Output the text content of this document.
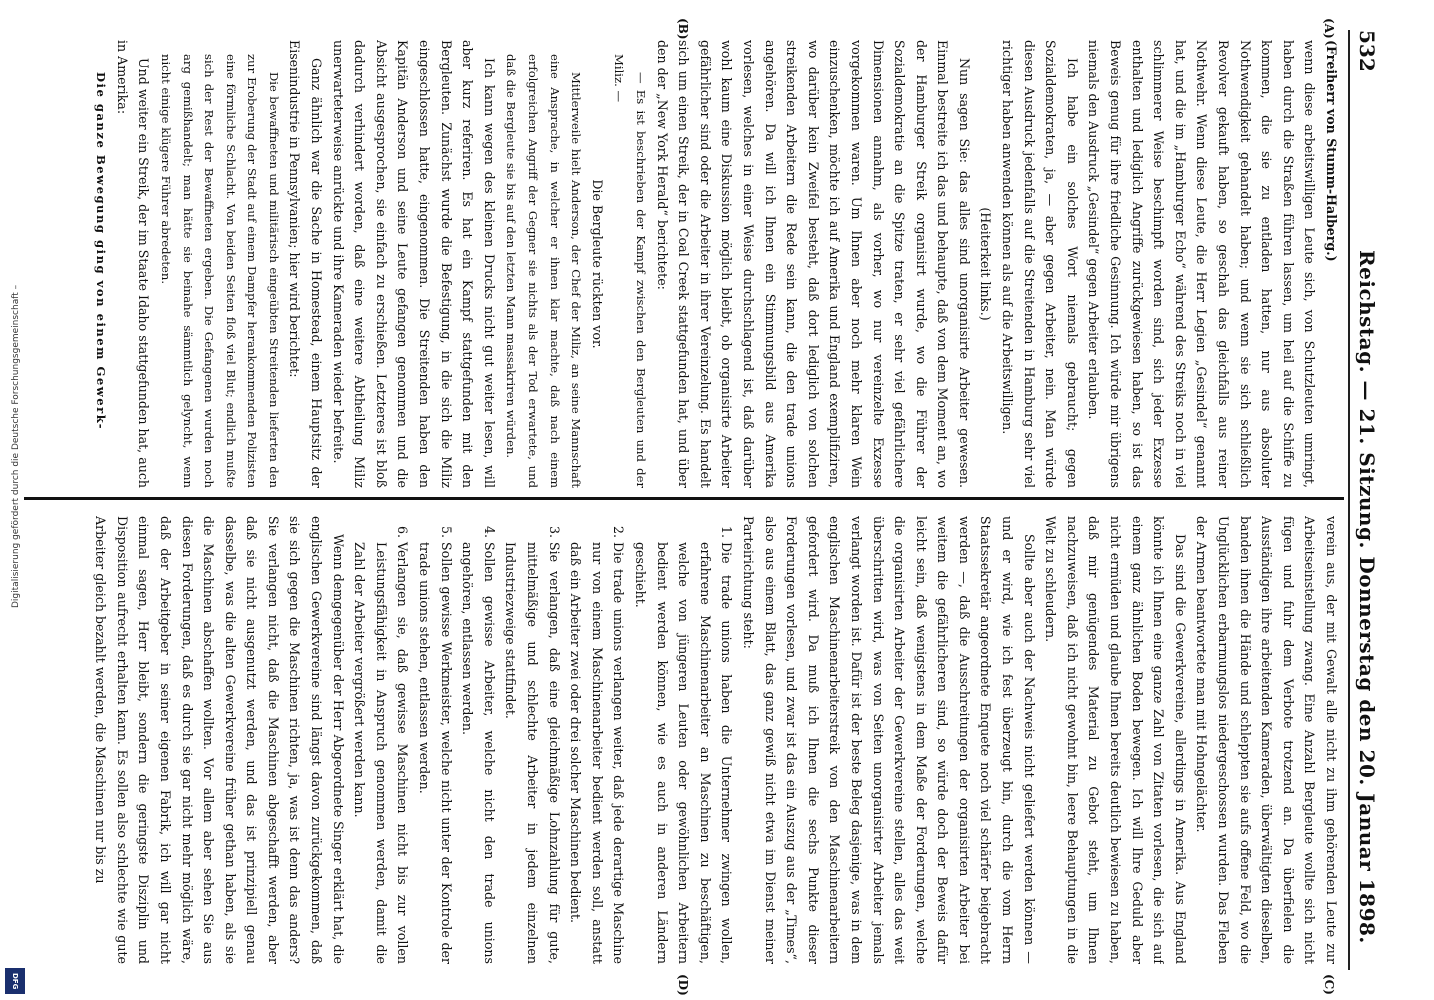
532
Reichstag. — 21. Sitzung. Donnerstag den 20. Januar 1898.
(A)
(B)
(C)
(D)

(Freiherr von Stumm-Halberg.)

wenn diese arbeitswilligen Leute sich, von Schutzleuten umringt, haben durch die Straßen führen lassen, um heil auf die Schiffe zu kommen, die sie zu entladen hatten, nur aus absoluter Nothwendigkeit gehandelt haben; und wenn sie sich schließlich Revolver gekauft haben, so geschah das gleichfalls aus reiner Nothwehr. Wenn diese Leute, die Herr Legien „Gesindel“ genannt hat, und die im „Hamburger Echo“ während des Streiks noch in viel schlimmerer Weise beschimpft worden sind, sich jeder Exzesse enthalten und lediglich Angriffe zurückgewiesen haben, so ist das Beweis genug für ihre friedliche Gesinnung. Ich würde mir übrigens niemals den Ausdruck „Gesindel“ gegen Arbeiter erlauben.

Ich habe ein solches Wort niemals gebraucht; gegen Sozialdemokraten, ja, — aber gegen Arbeiter, nein. Man würde diesen Ausdruck jedenfalls auf die Streitenden in Hamburg sehr viel richtiger haben anwenden können als auf die Arbeitswilligen.

(Heiterkeit links.)

Nun sagen Sie: das alles sind unorganisirte Arbeiter gewesen. Einmal bestreite ich das und behaupte, daß von dem Moment an, wo der Hamburger Streik organisirt wurde, wo die Führer der Sozialdemokratie an die Spitze traten, er sehr viel gefährlichere Dimensionen annahm, als vorher, wo nur vereinzelte Exzesse vorgekommen waren. Um Ihnen aber noch mehr klaren Wein einzuschenken, möchte ich auf Amerika und England exemplifiziren, wo darüber kein Zweifel besteht, daß dort lediglich von solchen streikenden Arbeitern die Rede sein kann, die den trade unions angehören. Da will ich Ihnen ein Stimmungsbild aus Amerika vorlesen, welches in einer Weise durchschlagend ist, daß darüber wohl kaum eine Diskussion möglich bleibt, ob organisirte Arbeiter gefährlicher sind oder die Arbeiter in ihrer Vereinzelung. Es handelt sich um einen Streik, der in Coal Creek stattgefunden hat, und über den der „New York Herald“ berichtete:

— Es ist beschrieben der Kampf zwischen den Bergleuten und der Miliz. —

Die Bergleute rückten vor.

Mittlerweile hielt Anderson, der Chef der Miliz, an seine Mannschaft eine Ansprache, in welcher er ihnen klar machte, daß nach einem erfolgreichen Angriff der Gegner sie nichts als der Tod erwartete, und daß die Bergleute sie bis auf den letzten Mann massakriren würden.

Ich kann wegen des kleinen Drucks nicht gut weiter lesen, will aber kurz referiren. Es hat ein Kampf stattgefunden mit den Bergleuten. Zunächst wurde die Befestigung, in die sich die Miliz eingeschlossen hatte, eingenommen. Die Streitenden haben den Kapitän Anderson und seine Leute gefangen genommen und die Absicht ausgesprochen, sie einfach zu erschießen. Letzteres ist bloß dadurch verhindert worden, daß eine weitere Abtheilung Miliz unerwarteterweise anrückte und ihre Kameraden wieder befreite.

Ganz ähnlich war die Sache in Homestead, einem Hauptsitz der Eisenindustrie in Pennsylvanien; hier wird berichtet:

Die bewaffneten und militärisch eingeübten Streitenden lieferten den zur Eroberung der Stadt auf einem Dampfer herankommenden Polizisten eine förmliche Schlacht. Von beiden Seiten floß viel Blut; endlich mußte sich der Rest der Bewaffneten ergeben. Die Gefangenen wurden noch arg gemißhandelt; man hätte sie beinahe sämmtlich gelyncht, wenn nicht einige klügere Führer abredeten.

Und weiter ein Streik, der im Staate Idaho stattgefunden hat, auch in Amerika:

Die ganze Bewegung ging von einem Gewerk-

verein aus, der mit Gewalt alle nicht zu ihm gehörenden Leute zur Arbeitseinstellung zwang. Eine Anzahl Bergleute wollte sich nicht fügen und fuhr dem Verbote trotzend an. Da überfielen die Ausständigen ihre arbeitenden Kameraden, überwältigten dieselben, banden ihnen die Hände und schleppten sie aufs offene Feld, wo die Unglücklichen erbarmungslos niedergeschossen wurden. Das Fleben der Armen beantwortete man mit Hohngelächter.

Das sind die Gewerkvereine, allerdings in Amerika. Aus England könnte ich Ihnen eine ganze Zahl von Zitaten vorlesen, die sich auf einem ganz ähnlichen Boden bewegen. Ich will Ihre Geduld aber nicht ermüden und glaube Ihnen bereits deutlich bewiesen zu haben, daß mir genügendes Material zu Gebot steht, um Ihnen nachzuweisen, daß ich nicht gewohnt bin, leere Behauptungen in die Welt zu schleudern.

Sollte aber auch der Nachweis nicht geliefert werden können — und er wird, wie ich fest überzeugt bin, durch die vom Herrn Staatssekretär angeordnete Enquete noch viel schärfer beigebracht werden —, daß die Ausschreitungen der organisirten Arbeiter bei weitem die gefährlicheren sind, so würde doch der Beweis dafür leicht sein, daß wenigstens in dem Maße der Forderungen, welche die organisirten Arbeiter der Gewerkvereine stellen, alles das weit überschritten wird, was von Seiten unorganisirter Arbeiter jemals verlangt worden ist. Dafür ist der beste Beleg dasjenige, was in dem englischen Maschinenarbeiterstreik von den Maschinenarbeitern gefordert wird. Da muß ich Ihnen die sechs Punkte dieser Forderungen vorlesen, und zwar ist das ein Auszug aus der „Times“, also aus einem Blatt, das ganz gewiß nicht etwa im Dienst meiner Parteirichtung steht:

1. Die trade unions haben die Unternehmer zwingen wollen, erfahrene Maschinenarbeiter an Maschinen zu beschäftigen, welche von jüngeren Leuten oder gewöhnlichen Arbeitern bedient werden können, wie es auch in anderen Ländern geschieht.
2. Die trade unions verlangen weiter, daß jede derartige Maschine nur von einem Maschinenarbeiter bedient werden soll, anstatt daß ein Arbeiter zwei oder drei solcher Maschinen bedient.
3. Sie verlangen, daß eine gleichmäßige Lohnzahlung für gute, mittelmäßige und schlechte Arbeiter in jedem einzelnen Industriezweige stattfindet.
4. Sollen gewisse Arbeiter, welche nicht den trade unions angehören, entlassen werden.
5. Sollen gewisse Werkmeister, welche nicht unter der Kontrole der trade unions stehen, entlassen werden.
6. Verlangen sie, daß gewisse Maschinen nicht bis zur vollen Leistungsfähigkeit in Anspruch genommen werden, damit die Zahl der Arbeiter vergrößert werden kann.

Wenn demgegenüber der Herr Abgeordnete Singer erklärt hat, die englischen Gewerkvereine sind längst davon zurückgekommen, daß sie sich gegen die Maschinen richten, ja, was ist denn das anders? Sie verlangen nicht, daß die Maschinen abgeschafft werden, aber daß sie nicht ausgenutzt werden, und das ist prinzipiell genau dasselbe, was die alten Gewerkvereine früher gethan haben, als sie die Maschinen abschaffen wollten. Vor allem aber sehen Sie aus diesen Forderungen, daß es durch sie gar nicht mehr möglich wäre, daß der Arbeitgeber in seiner eigenen Fabrik, ich will gar nicht einmal sagen, Herr bleibt, sondern die geringste Disziplin und Disposition aufrecht erhalten kann. Es sollen also schlechte wie gute Arbeiter gleich bezahlt werden, die Maschinen nur bis zu

Digitalisierung gefördert durch die Deutsche Forschungsgemeinschaft –
DFG
